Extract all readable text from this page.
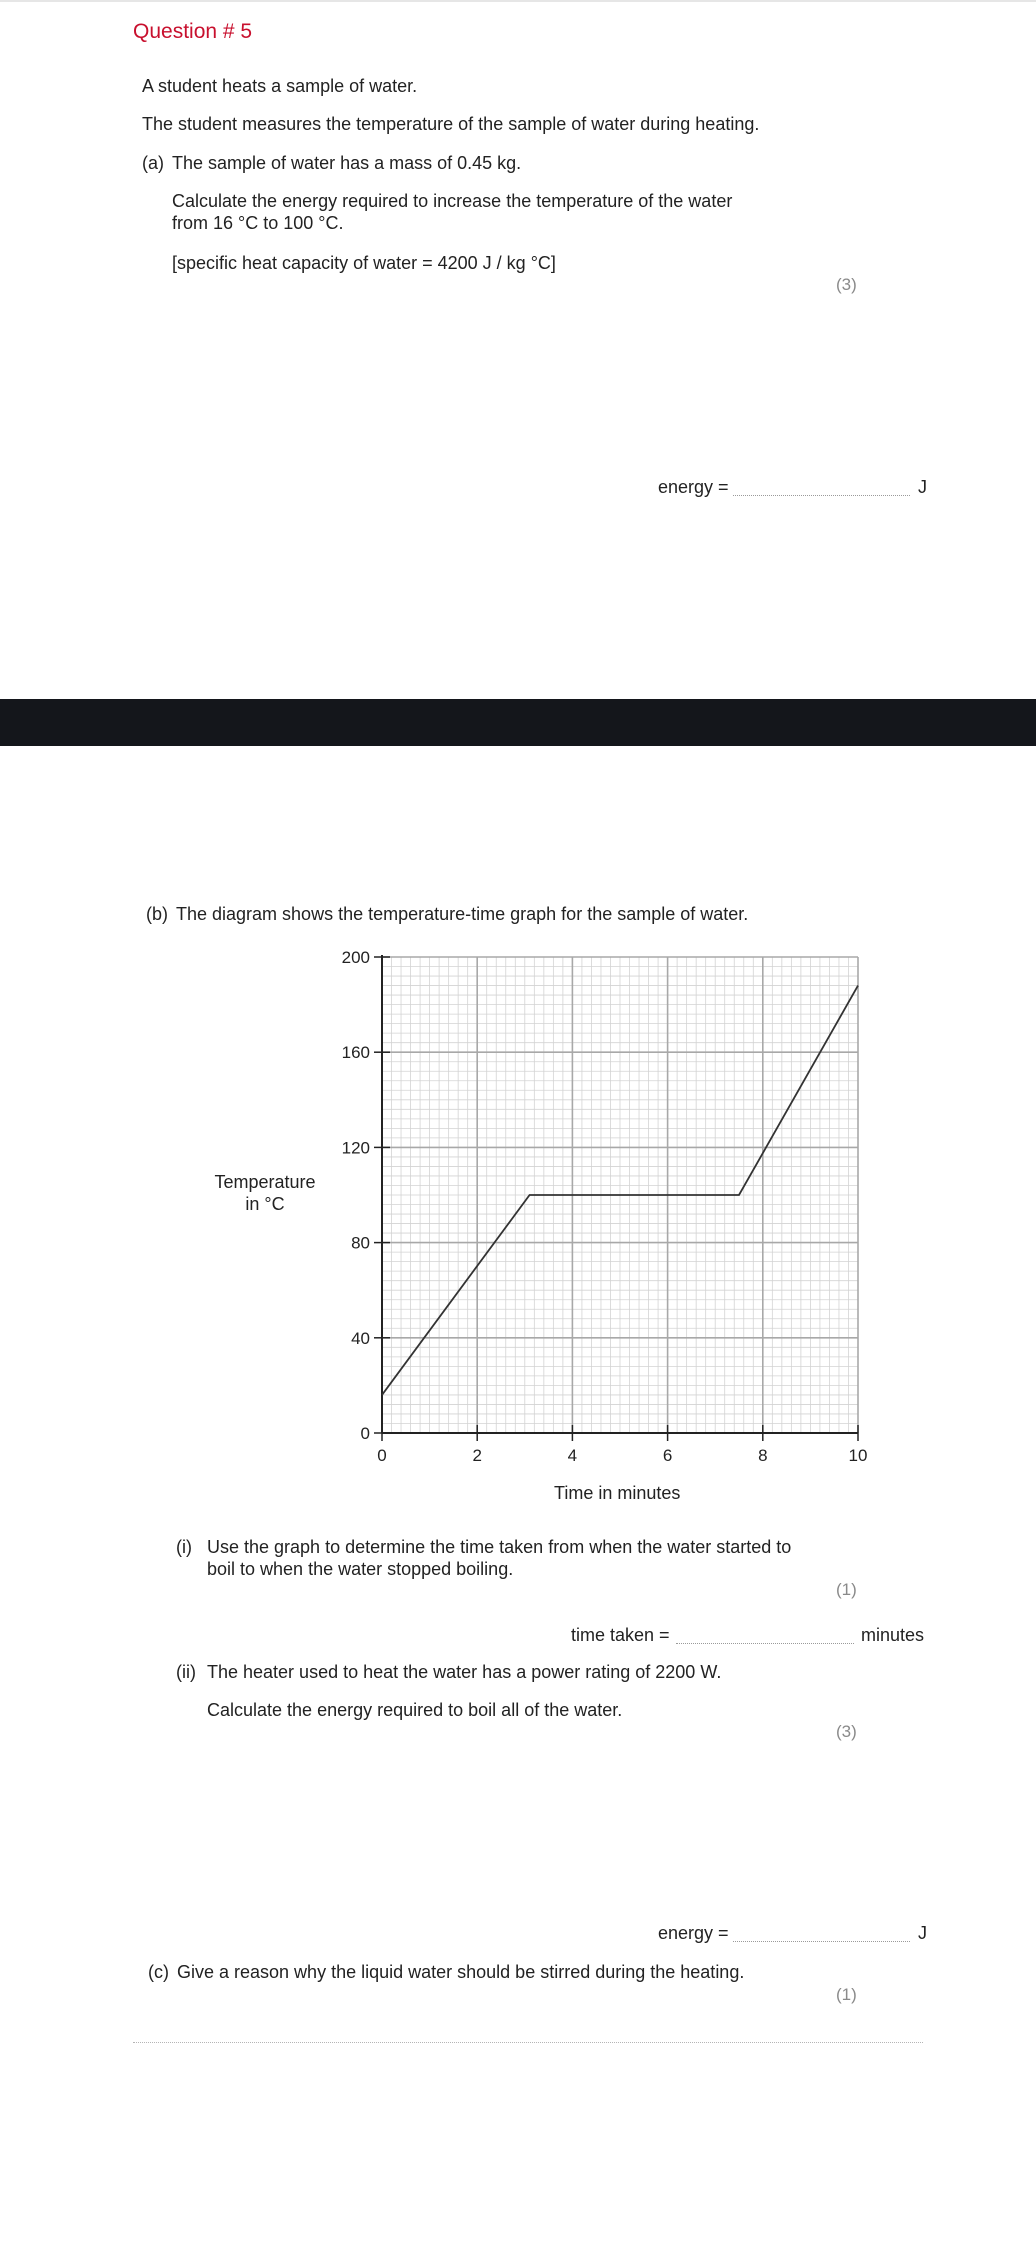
Question # 5
A student heats a sample of water.
The student measures the temperature of the sample of water during heating.
(a) The sample of water has a mass of 0.45 kg.
Calculate the energy required to increase the temperature of the water
from 16 °C to 100 °C.
[specific heat capacity of water = 4200 J / kg °C]
(3)
energy =	J
(b) The diagram shows the temperature-time graph for the sample of water.
0
40
80
120
160
200
0	2	4	6	8	10
Temperature
in °C
Time in minutes
(i) Use the graph to determine the time taken from when the water started to
boil to when the water stopped boiling.
(1)
time taken =	minutes
(ii) The heater used to heat the water has a power rating of 2200 W.
Calculate the energy required to boil all of the water.
(3)
energy =	J
(c) Give a reason why the liquid water should be stirred during the heating.
(1)
